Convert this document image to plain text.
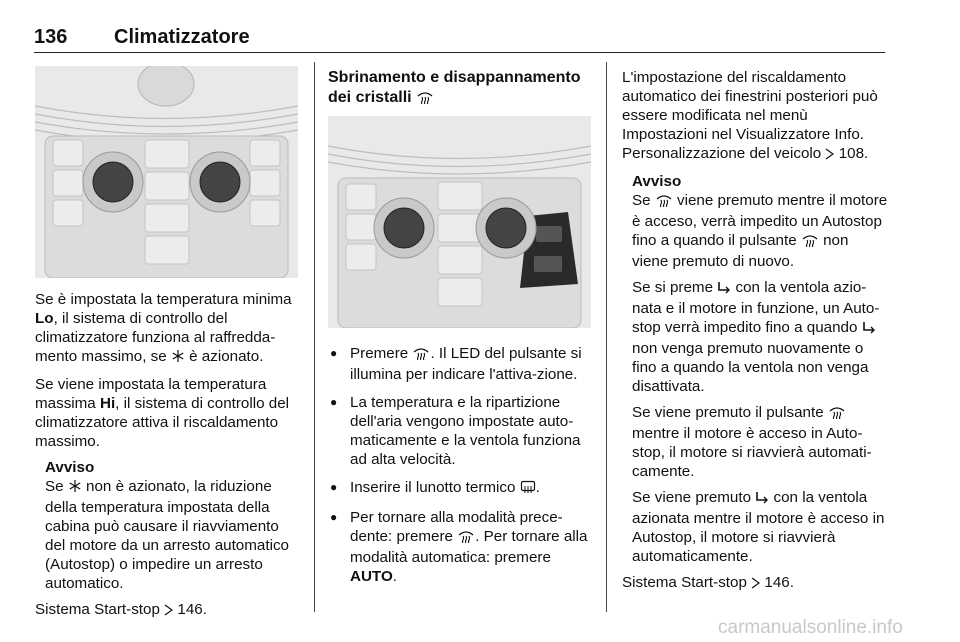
136 Climatizzatore

Se è impostata la temperatura minima Lo, il sistema di controllo del climatizzatore funziona al raffredda-mento massimo, se  è azionato.

Se viene impostata la temperatura massima Hi, il sistema di controllo del climatizzatore attiva il riscaldamento massimo.

Avviso

Se  non è azionato, la riduzione della temperatura impostata della cabina può causare il riavviamento del motore da un arresto automatico (Autostop) o impedire un arresto automatico.

Sistema Start-stop  146.

Sbrinamento e disappannamento dei cristalli
● Premere . Il LED del pulsante si illumina per indicare l'attiva-zione.
● La temperatura e la ripartizione dell'aria vengono impostate auto-maticamente e la ventola funziona ad alta velocità.
● Inserire il lunotto termico .
● Per tornare alla modalità prece-dente: premere . Per tornare alla modalità automatica: premere AUTO.

L'impostazione del riscaldamento automatico dei finestrini posteriori può essere modificata nel menù Impostazioni nel Visualizzatore Info. Personalizzazione del veicolo  108.

Avviso

Se  viene premuto mentre il motore è acceso, verrà impedito un Autostop fino a quando il pulsante  non viene premuto di nuovo.

Se si preme  con la ventola azio-nata e il motore in funzione, un Auto-stop verrà impedito fino a quando  non venga premuto nuovamente o fino a quando la ventola non venga disattivata.

Se viene premuto il pulsante  mentre il motore è acceso in Auto-stop, il motore si riavvierà automati-camente.

Se viene premuto  con la ventola azionata mentre il motore è acceso in Autostop, il motore si riavvierà automaticamente.

Sistema Start-stop  146.

carmanualsonline.info
